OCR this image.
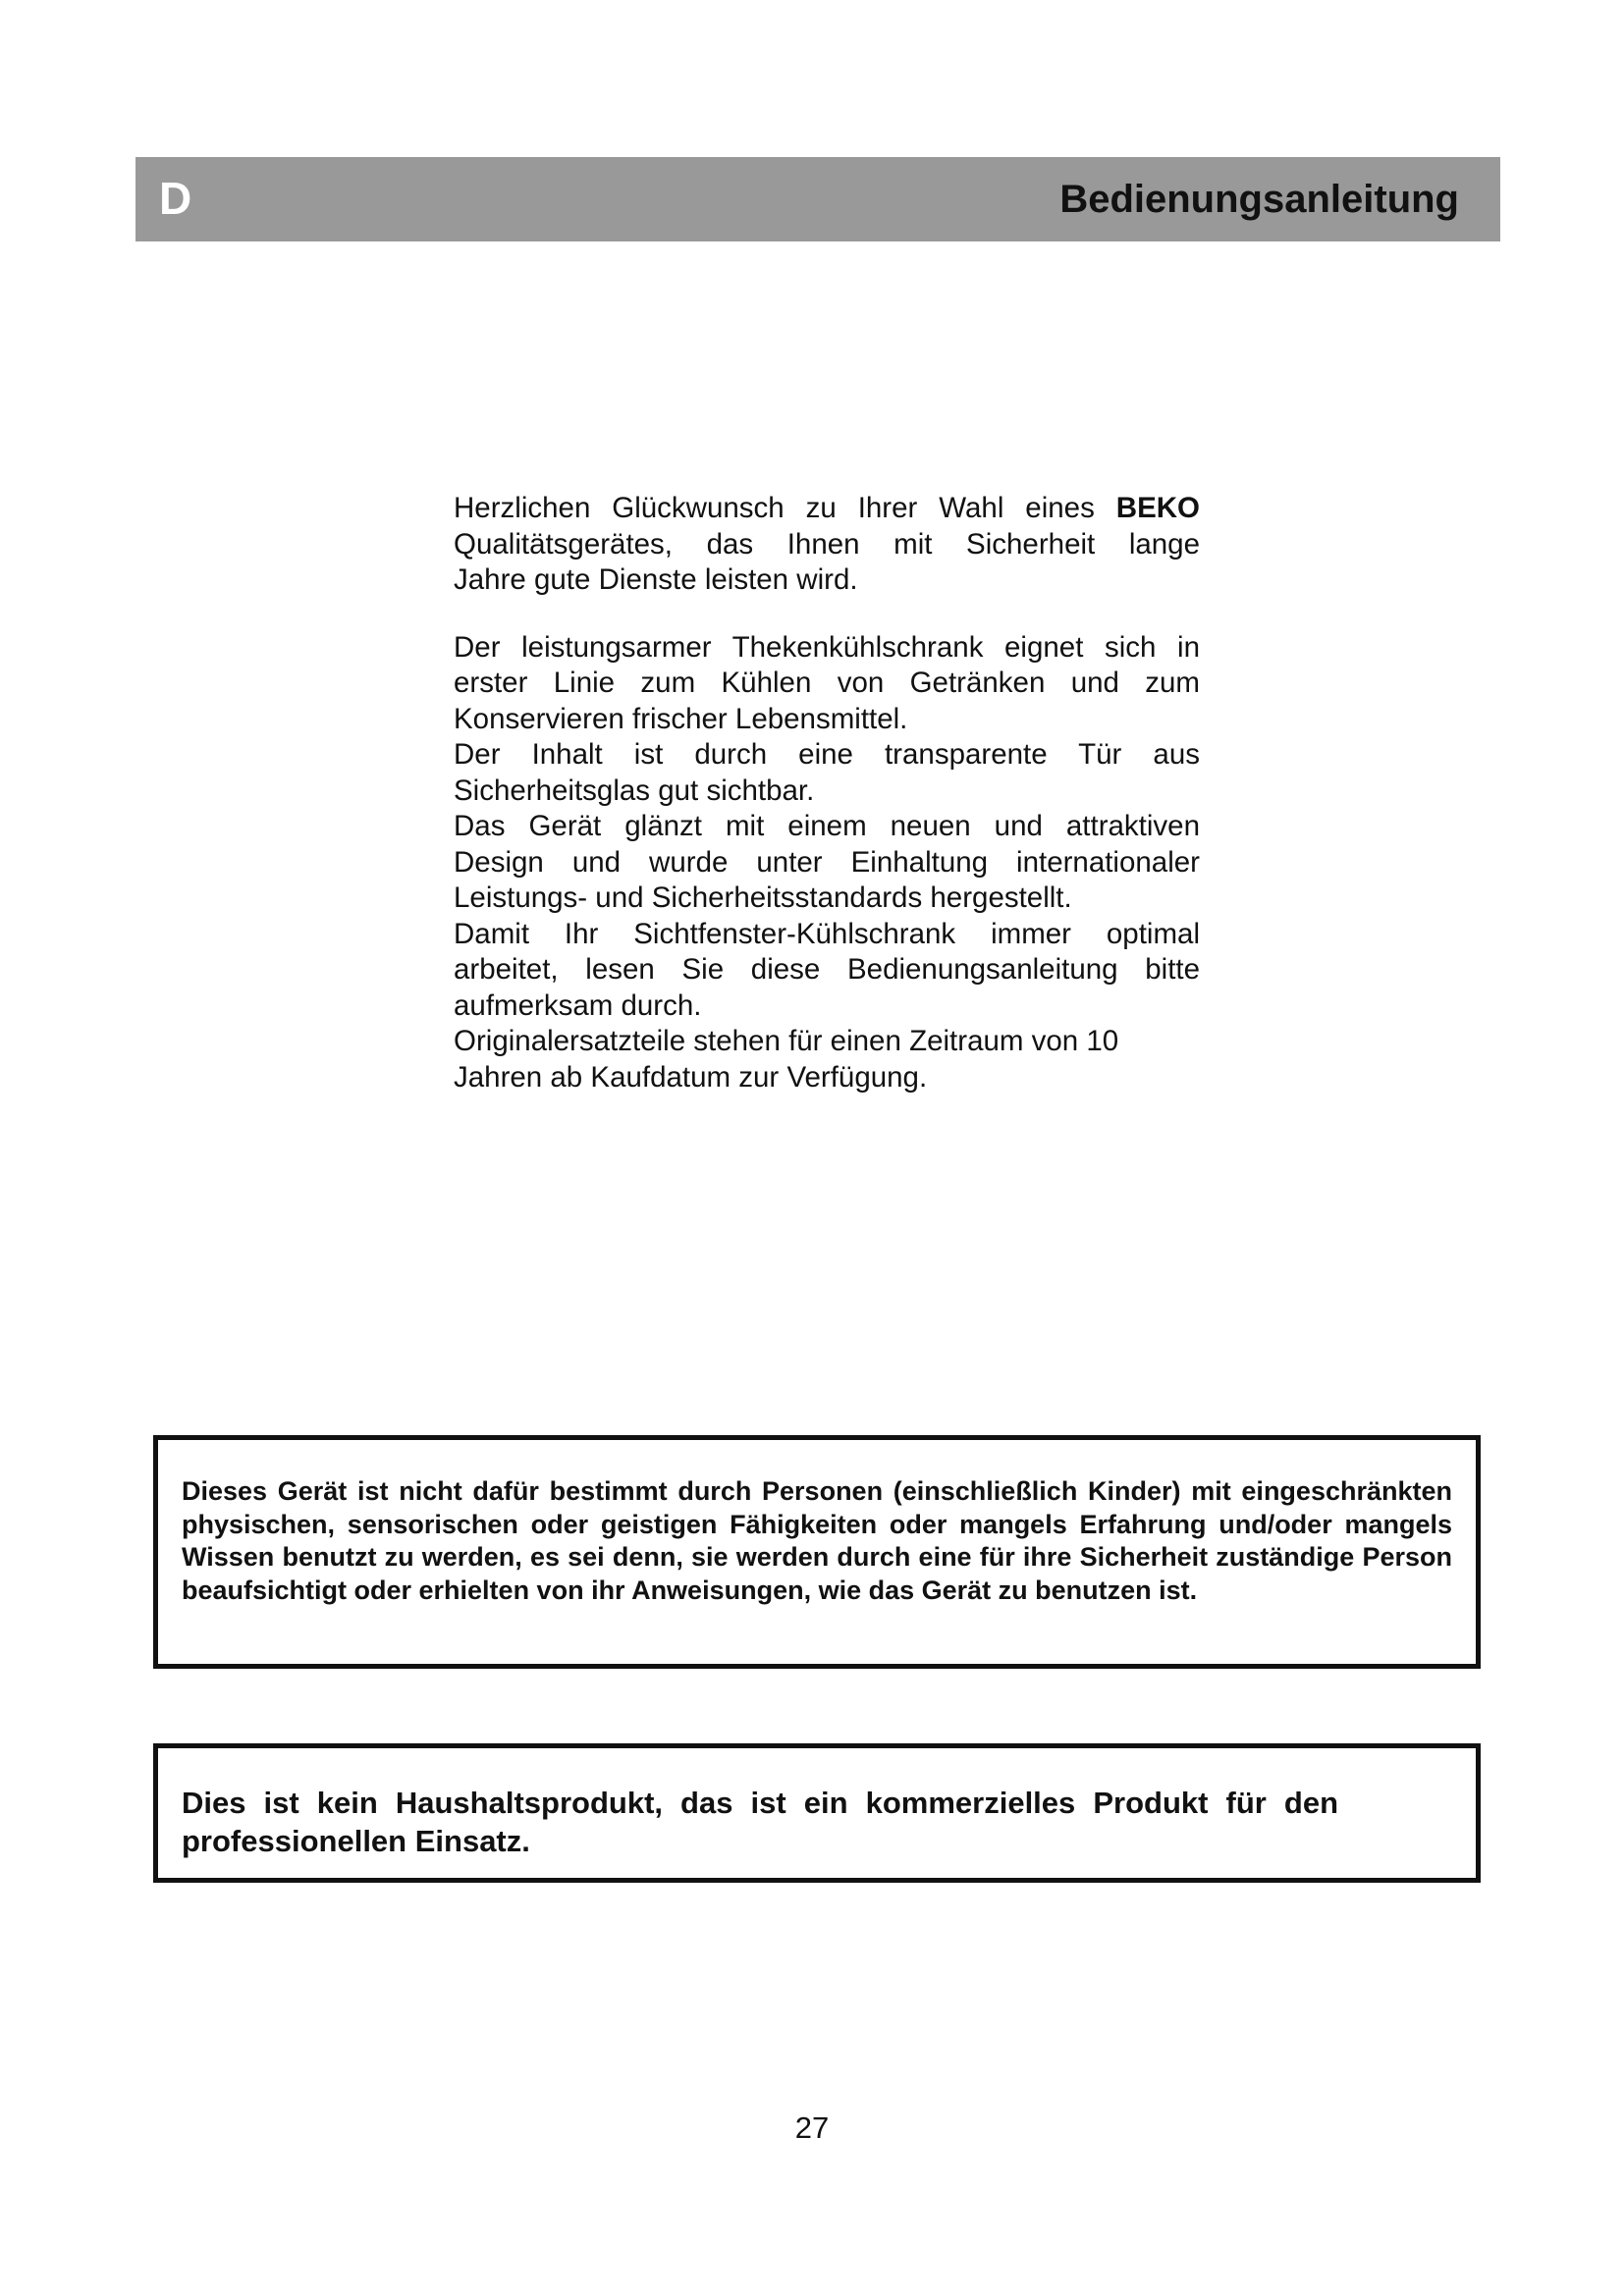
D	Bedienungsanleitung

Herzlichen Glückwunsch zu Ihrer Wahl eines BEKO
Qualitätsgerätes, das Ihnen mit Sicherheit lange
Jahre gute Dienste leisten wird.

Der leistungsarmer Thekenkühlschrank eignet sich in
erster Linie zum Kühlen von Getränken und zum
Konservieren frischer Lebensmittel.
Der Inhalt ist durch eine transparente Tür aus
Sicherheitsglas gut sichtbar.
Das Gerät glänzt mit einem neuen und attraktiven
Design und wurde unter Einhaltung internationaler
Leistungs- und Sicherheitsstandards hergestellt.
Damit Ihr Sichtfenster-Kühlschrank immer optimal
arbeitet, lesen Sie diese Bedienungsanleitung bitte
aufmerksam durch.
Originalersatzteile stehen für einen Zeitraum von 10
Jahren ab Kaufdatum zur Verfügung.

Dieses Gerät ist nicht dafür bestimmt durch Personen (einschließlich Kinder) mit eingeschränkten physischen, sensorischen oder geistigen Fähigkeiten oder mangels Erfahrung und/oder mangels Wissen benutzt zu werden, es sei denn, sie werden durch eine für ihre Sicherheit zuständige Person beaufsichtigt oder erhielten von ihr Anweisungen, wie das Gerät zu benutzen ist.
Dies ist kein Haushaltsprodukt, das ist ein kommerzielles Produkt für den professionellen Einsatz.
27
